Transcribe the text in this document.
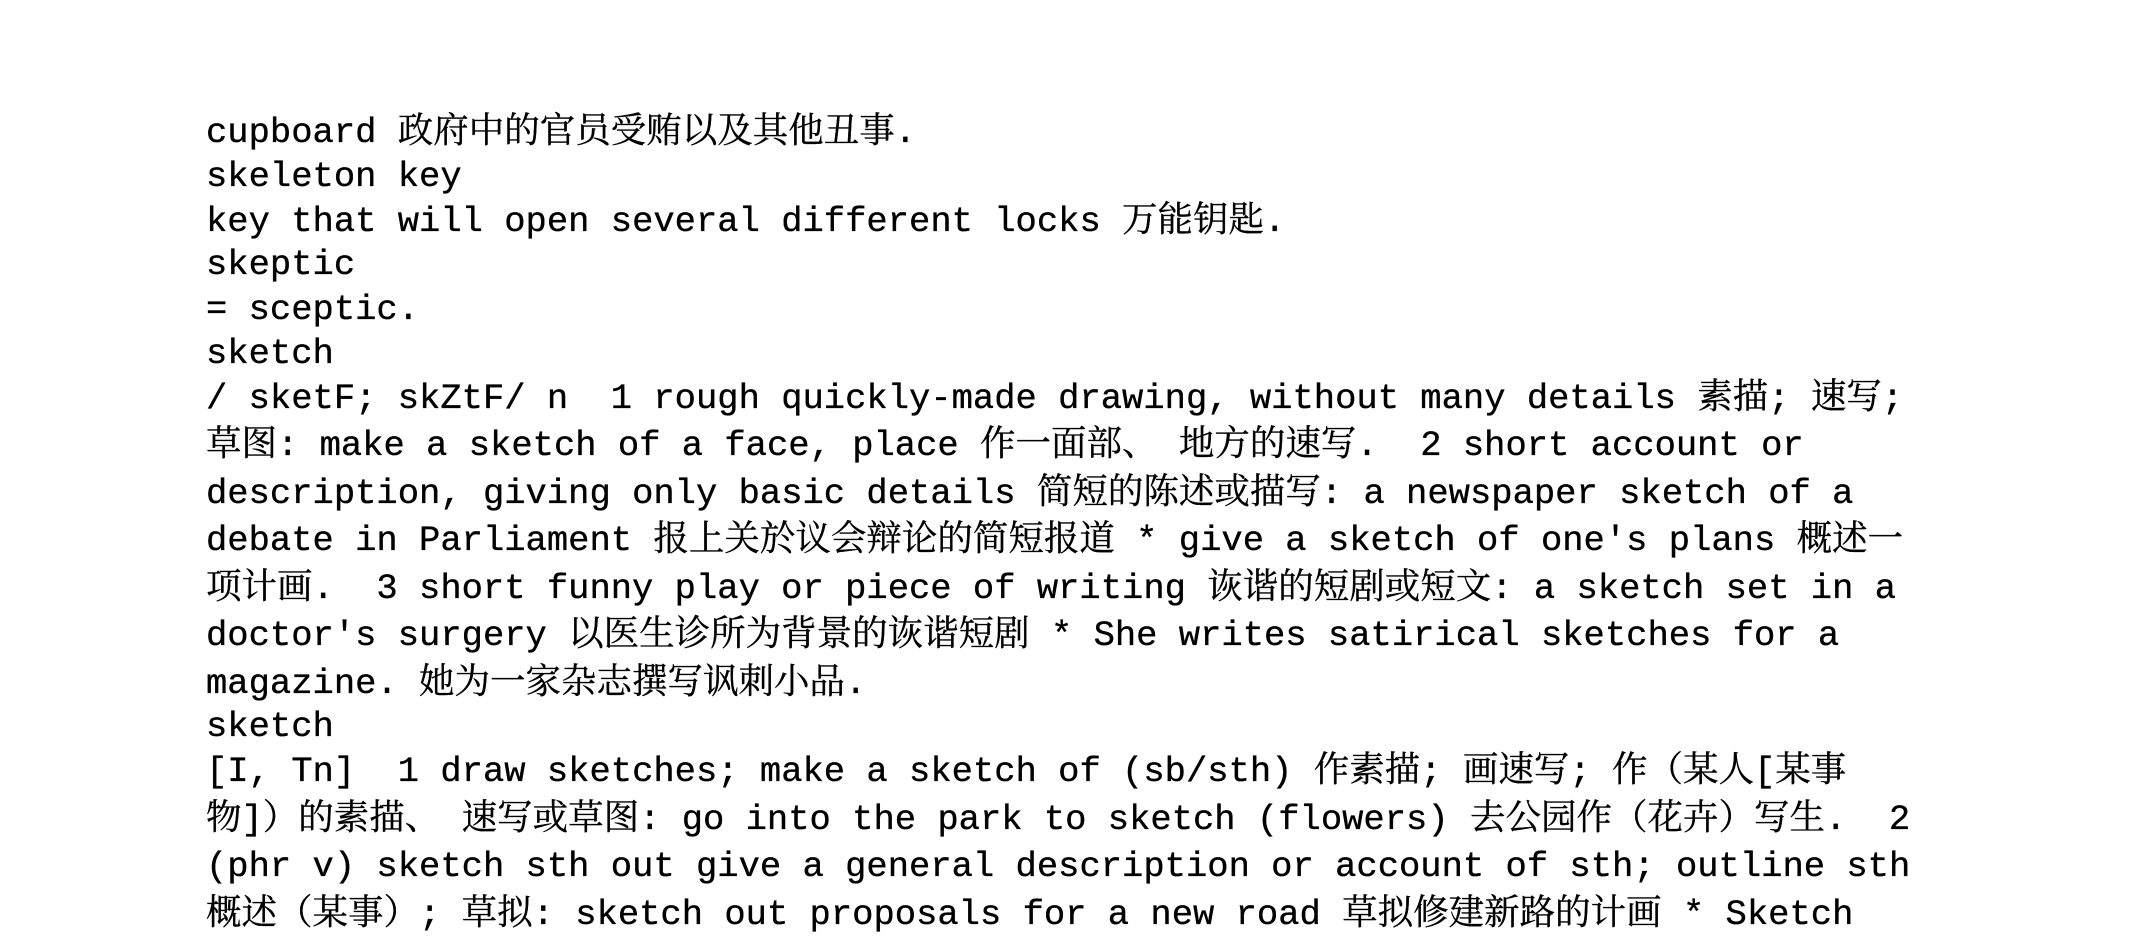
cupboard 政府中的官员受贿以及其他丑事.
skeleton key
key that will open several different locks 万能钥匙.
skeptic
= sceptic.
sketch
/ sketF; skZtF/ n  1 rough quickly-made drawing, without many details 素描; 速写;
草图: make a sketch of a face, place 作一面部、 地方的速写.  2 short account or
description, giving only basic details 简短的陈述或描写: a newspaper sketch of a
debate in Parliament 报上关於议会辩论的简短报道 * give a sketch of one's plans 概述一
项计画.  3 short funny play or piece of writing 诙谐的短剧或短文: a sketch set in a
doctor's surgery 以医生诊所为背景的诙谐短剧 * She writes satirical sketches for a
magazine. 她为一家杂志撰写讽刺小品.
sketch
[I, Tn]  1 draw sketches; make a sketch of (sb/sth) 作素描; 画速写; 作（某人[某事
物]）的素描、 速写或草图: go into the park to sketch (flowers) 去公园作（花卉）写生.  2
(phr v) sketch sth out give a general description or account of sth; outline sth
概述（某事）; 草拟: sketch out proposals for a new road 草拟修建新路的计画 * Sketch
